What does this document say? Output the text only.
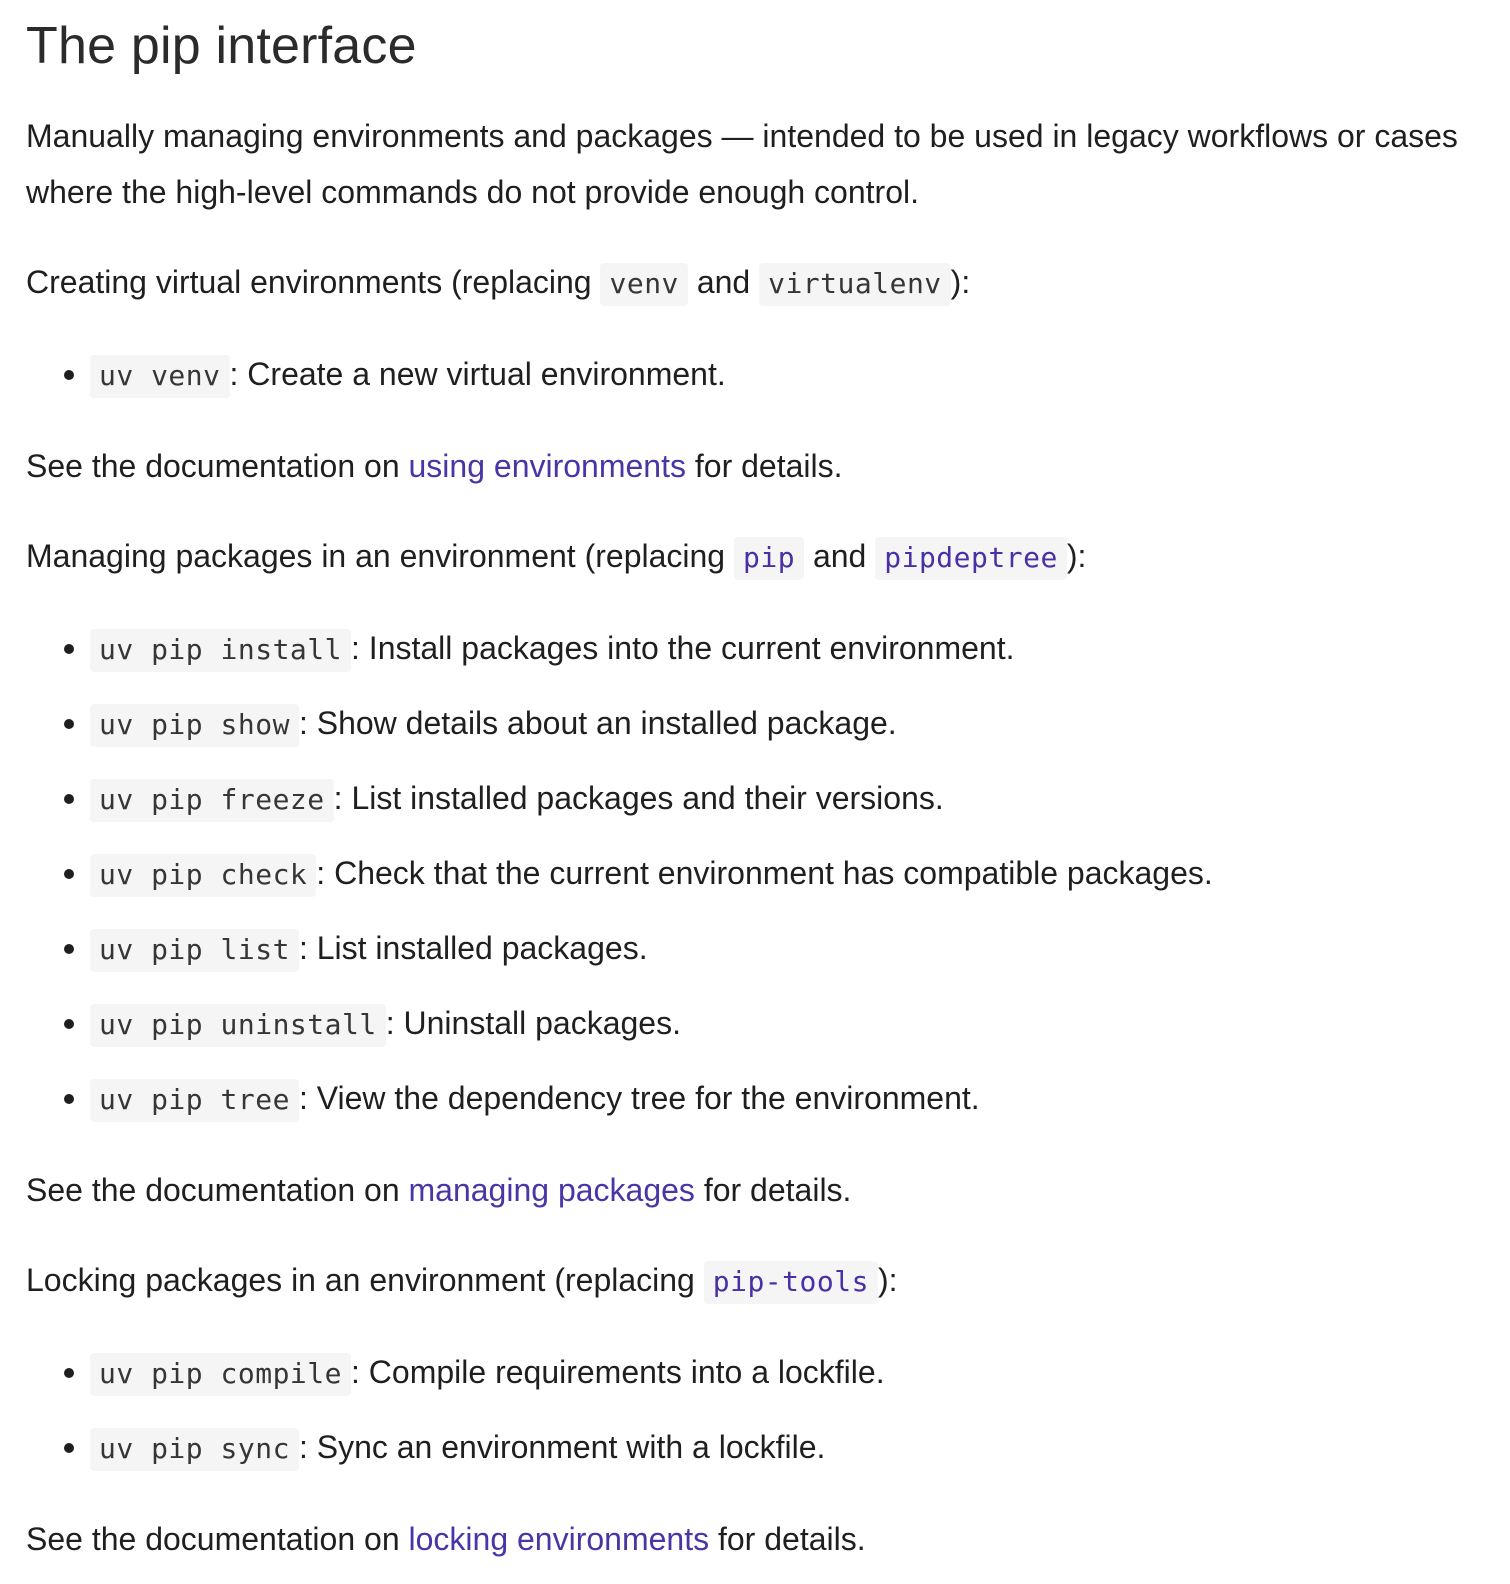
The pip interface

Manually managing environments and packages — intended to be used in legacy workflows or cases where the high-level commands do not provide enough control.

Creating virtual environments (replacing venv and virtualenv ):

uv venv : Create a new virtual environment.

See the documentation on using environments for details.

Managing packages in an environment (replacing pip and pipdeptree ):

uv pip install : Install packages into the current environment.
uv pip show : Show details about an installed package.
uv pip freeze : List installed packages and their versions.
uv pip check : Check that the current environment has compatible packages.
uv pip list : List installed packages.
uv pip uninstall : Uninstall packages.
uv pip tree : View the dependency tree for the environment.

See the documentation on managing packages for details.

Locking packages in an environment (replacing pip-tools ):

uv pip compile : Compile requirements into a lockfile.
uv pip sync : Sync an environment with a lockfile.

See the documentation on locking environments for details.
